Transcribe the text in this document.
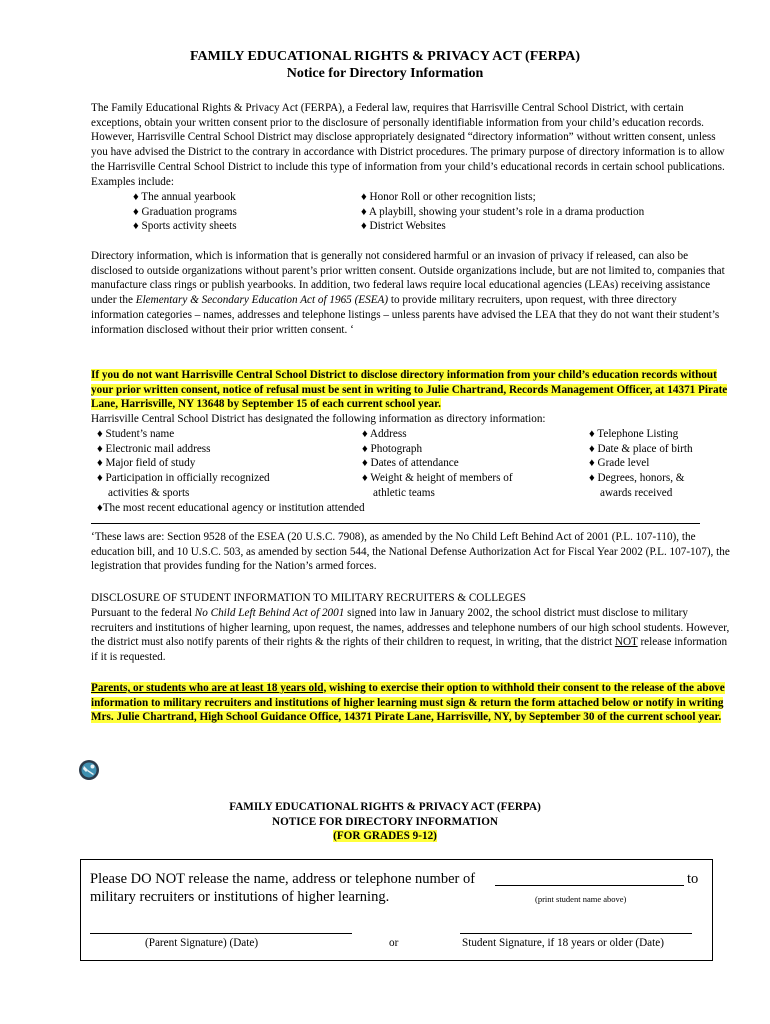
FAMILY EDUCATIONAL RIGHTS & PRIVACY ACT (FERPA)
Notice for Directory Information
The Family Educational Rights & Privacy Act (FERPA), a Federal law, requires that Harrisville Central School District, with certain exceptions, obtain your written consent prior to the disclosure of personally identifiable information from your child’s education records. However, Harrisville Central School District may disclose appropriately designated “directory information” without written consent, unless you have advised the District to the contrary in accordance with District procedures. The primary purpose of directory information is to allow the Harrisville Central School District to include this type of information from your child’s educational records in certain school publications. Examples include:
♦ The annual yearbook
♦ Graduation programs
♦ Sports activity sheets
♦ Honor Roll or other recognition lists;
♦ A playbill, showing your student’s role in a drama production
♦ District Websites
Directory information, which is information that is generally not considered harmful or an invasion of privacy if released, can also be disclosed to outside organizations without parent’s prior written consent. Outside organizations include, but are not limited to, companies that manufacture class rings or publish yearbooks. In addition, two federal laws require local educational agencies (LEAs) receiving assistance under the Elementary & Secondary Education Act of 1965 (ESEA) to provide military recruiters, upon request, with three directory information categories – names, addresses and telephone listings – unless parents have advised the LEA that they do not want their student’s information disclosed without their prior written consent. ‘
If you do not want Harrisville Central School District to disclose directory information from your child’s education records without your prior written consent, notice of refusal must be sent in writing to Julie Chartrand, Records Management Officer, at 14371 Pirate Lane, Harrisville, NY 13648 by September 15 of each current school year.
Harrisville Central School District has designated the following information as directory information:
♦ Student’s name
♦ Electronic mail address
♦ Major field of study
♦ Participation in officially recognized
activities & sports
♦ Address
♦ Photograph
♦ Dates of attendance
♦ Weight & height of members of
athletic teams
♦ Telephone Listing
♦ Date & place of birth
♦ Grade level
♦ Degrees, honors, &
awards received
♦The most recent educational agency or institution attended
‘These laws are: Section 9528 of the ESEA (20 U.S.C. 7908), as amended by the No Child Left Behind Act of 2001 (P.L. 107-110), the education bill, and 10 U.S.C. 503, as amended by section 544, the National Defense Authorization Act for Fiscal Year 2002 (P.L. 107-107), the legistration that provides funding for the Nation’s armed forces.
DISCLOSURE OF STUDENT INFORMATION TO MILITARY RECRUITERS & COLLEGES
Pursuant to the federal No Child Left Behind Act of 2001 signed into law in January 2002, the school district must disclose to military recruiters and institutions of higher learning, upon request, the names, addresses and telephone numbers of our high school students. However, the district must also notify parents of their rights & the rights of their children to request, in writing, that the district NOT release information if it is requested.
Parents, or students who are at least 18 years old, wishing to exercise their option to withhold their consent to the release of the above information to military recruiters and institutions of higher learning must sign & return the form attached below or notify in writing Mrs. Julie Chartrand, High School Guidance Office, 14371 Pirate Lane, Harrisville, NY, by September 30 of the current school year.
FAMILY EDUCATIONAL RIGHTS & PRIVACY ACT (FERPA)
NOTICE FOR DIRECTORY INFORMATION
(FOR GRADES 9-12)
Please DO NOT release the name, address or telephone number of	to
military recruiters or institutions of higher learning.	(print student name above)
(Parent Signature) (Date)	or	Student Signature, if 18 years or older (Date)
